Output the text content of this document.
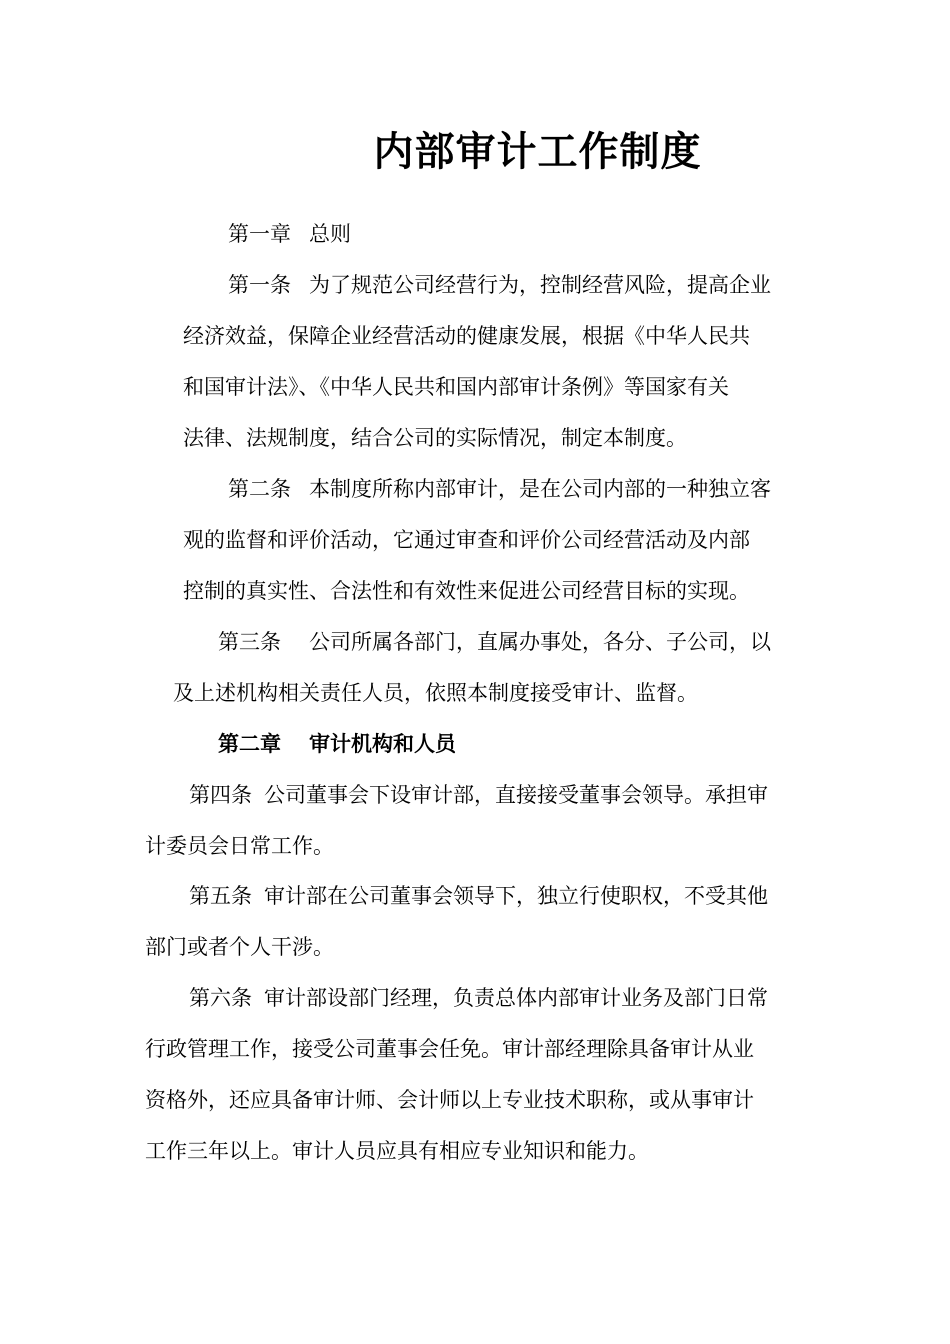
内部审计工作制度
第一章 总则
第一条 为了规范公司经营行为，控制经营风险，提高企业
经济效益，保障企业经营活动的健康发展，根据《中华人民共
和国审计法》、《中华人民共和国内部审计条例》等国家有关
法律、法规制度，结合公司的实际情况，制定本制度。
第二条 本制度所称内部审计，是在公司内部的一种独立客
观的监督和评价活动，它通过审查和评价公司经营活动及内部
控制的真实性、合法性和有效性来促进公司经营目标的实现。
第三条 公司所属各部门，直属办事处，各分、子公司，以
及上述机构相关责任人员，依照本制度接受审计、监督。
第二章 审计机构和人员
第四条 公司董事会下设审计部，直接接受董事会领导。承担审
计委员会日常工作。
第五条 审计部在公司董事会领导下，独立行使职权，不受其他
部门或者个人干涉。
第六条 审计部设部门经理，负责总体内部审计业务及部门日常
行政管理工作，接受公司董事会任免。审计部经理除具备审计从业
资格外，还应具备审计师、会计师以上专业技术职称，或从事审计
工作三年以上。审计人员应具有相应专业知识和能力。
